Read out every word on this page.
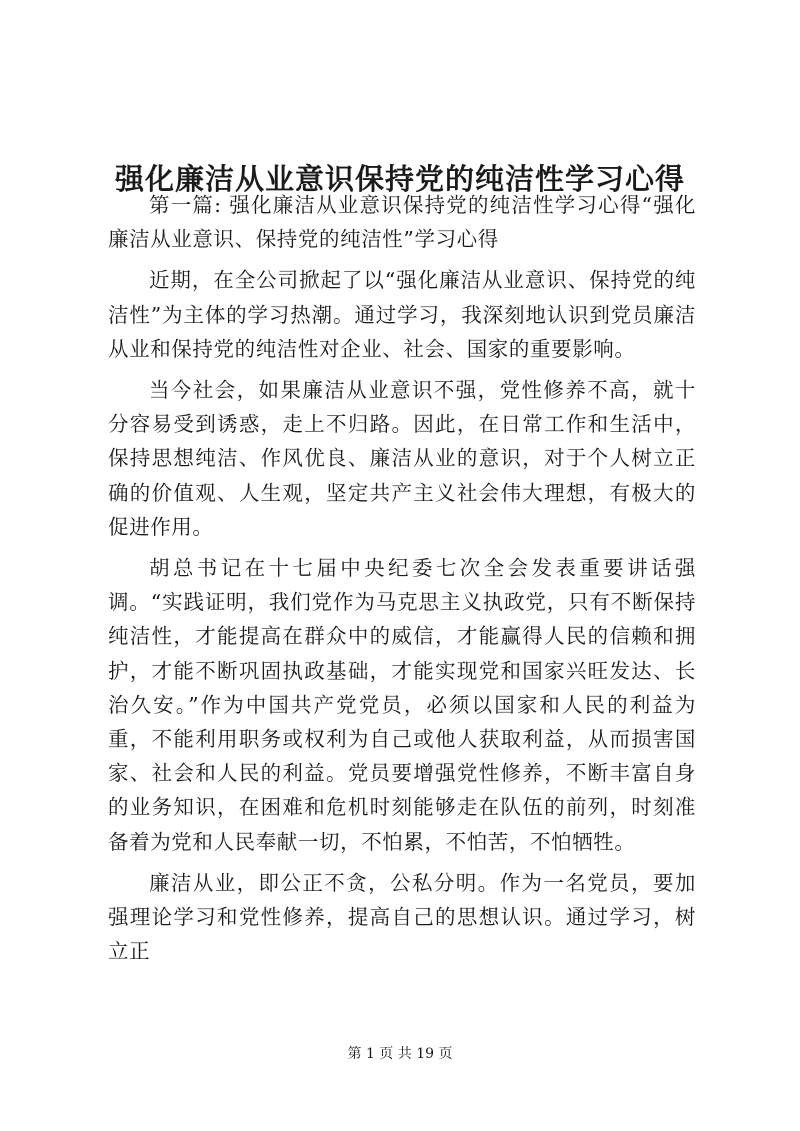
强化廉洁从业意识保持党的纯洁性学习心得

第一篇: 强化廉洁从业意识保持党的纯洁性学习心得“强化廉洁从业意识、保持党的纯洁性”学习心得

近期，在全公司掀起了以“强化廉洁从业意识、保持党的纯洁性”为主体的学习热潮。通过学习，我深刻地认识到党员廉洁从业和保持党的纯洁性对企业、社会、国家的重要影响。

当今社会，如果廉洁从业意识不强，党性修养不高，就十分容易受到诱惑，走上不归路。因此，在日常工作和生活中，保持思想纯洁、作风优良、廉洁从业的意识，对于个人树立正确的价值观、人生观，坚定共产主义社会伟大理想，有极大的促进作用。

胡总书记在十七届中央纪委七次全会发表重要讲话强调。“实践证明，我们党作为马克思主义执政党，只有不断保持纯洁性，才能提高在群众中的威信，才能赢得人民的信赖和拥护，才能不断巩固执政基础，才能实现党和国家兴旺发达、长治久安。”作为中国共产党党员，必须以国家和人民的利益为重，不能利用职务或权利为自己或他人获取利益，从而损害国家、社会和人民的利益。党员要增强党性修养，不断丰富自身的业务知识，在困难和危机时刻能够走在队伍的前列，时刻准备着为党和人民奉献一切，不怕累，不怕苦，不怕牺牲。

廉洁从业，即公正不贪，公私分明。作为一名党员，要加强理论学习和党性修养，提高自己的思想认识。通过学习，树立正

第 1 页 共 19 页
